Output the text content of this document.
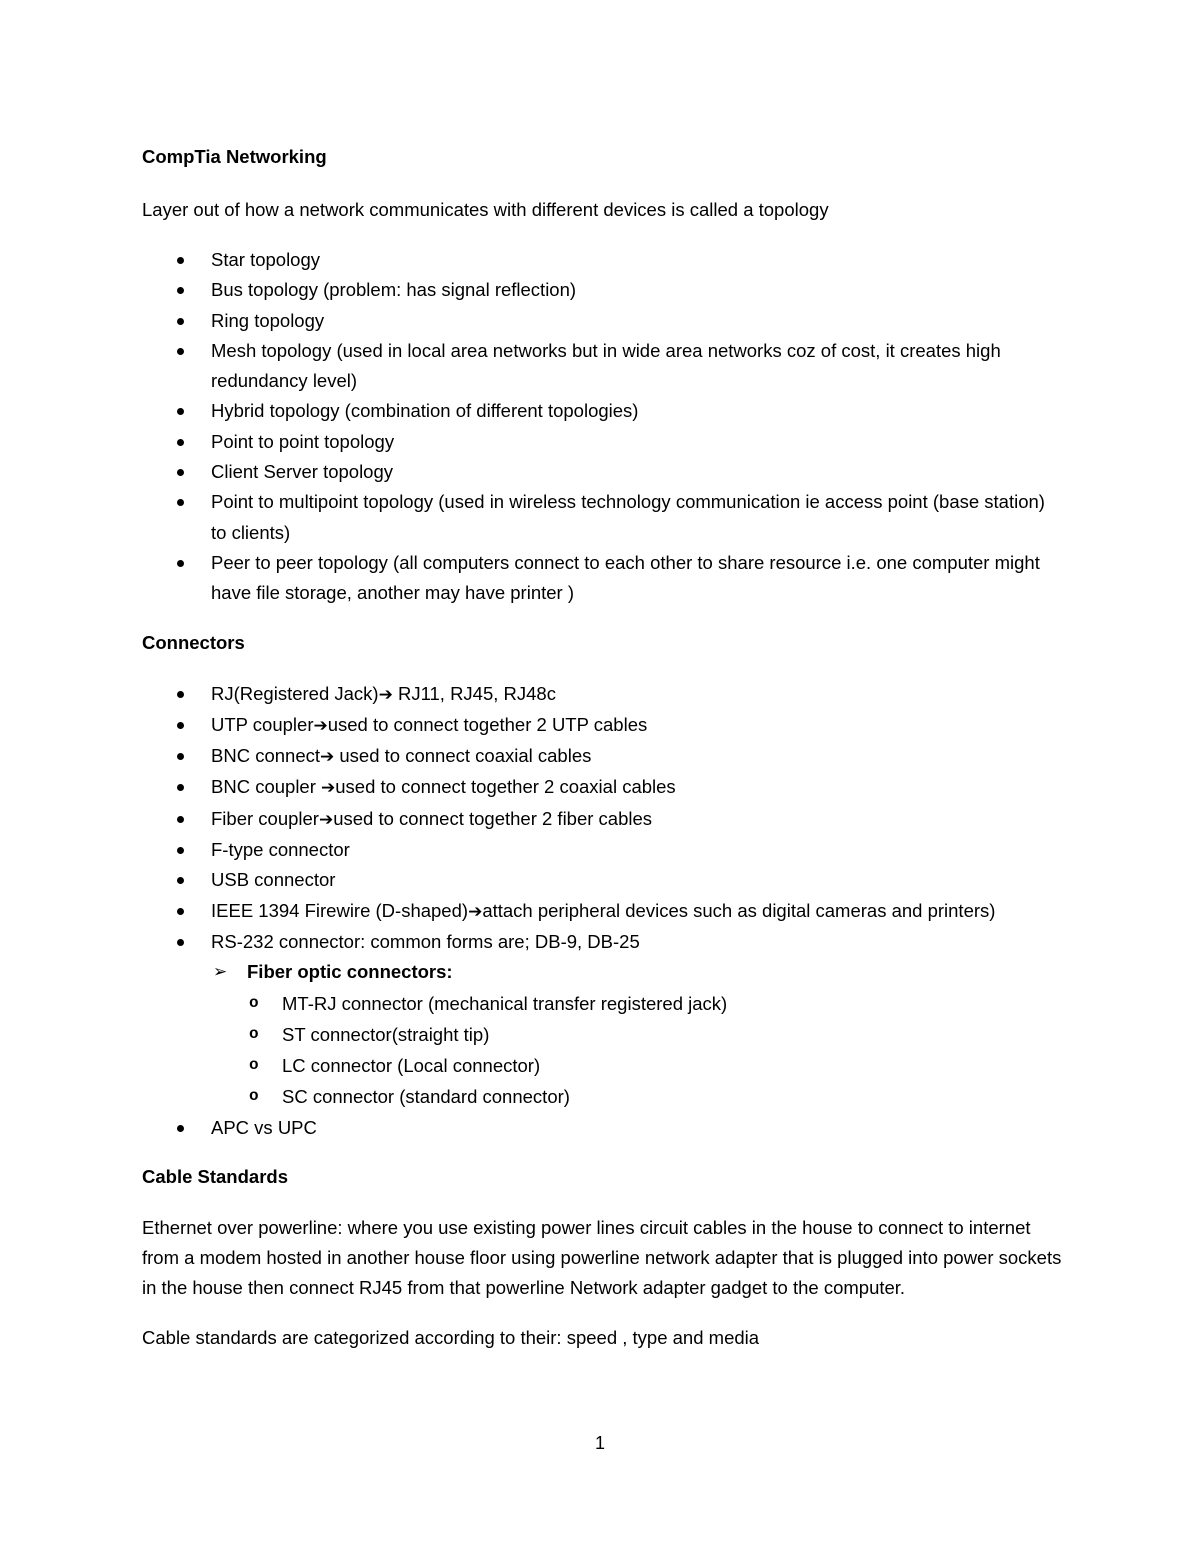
CompTia Networking

Layer out of how a network communicates with different devices is called a topology

Star topology
Bus topology (problem: has signal reflection)
Ring topology
Mesh topology (used in local area networks but in wide area networks coz of cost, it creates high redundancy level)
Hybrid topology (combination of different topologies)
Point to point topology
Client Server topology
Point to multipoint topology (used in wireless technology communication ie access point (base station) to clients)
Peer to peer topology (all computers connect to each other to share resource i.e. one computer might have file storage, another may have printer )

Connectors

RJ(Registered Jack)➔ RJ11, RJ45, RJ48c
UTP coupler➔used to connect together 2 UTP cables
BNC connect➔ used to connect coaxial cables
BNC coupler ➔used to connect together 2 coaxial cables
Fiber coupler➔used to connect together 2 fiber cables
F-type connector
USB connector
IEEE 1394 Firewire (D-shaped)➔attach peripheral devices such as digital cameras and printers)
RS-232 connector: common forms are; DB-9, DB-25
➢ Fiber optic connectors:
o MT-RJ connector (mechanical transfer registered jack)
o ST connector(straight tip)
o LC connector (Local connector)
o SC connector (standard connector)
APC vs UPC

Cable Standards

Ethernet over powerline: where you use existing power lines circuit cables in the house to connect to internet from a modem hosted in another house floor using powerline network adapter that is plugged into power sockets in the house then connect RJ45 from that powerline Network adapter gadget to the computer.

Cable standards are categorized according to their: speed , type and media

1
